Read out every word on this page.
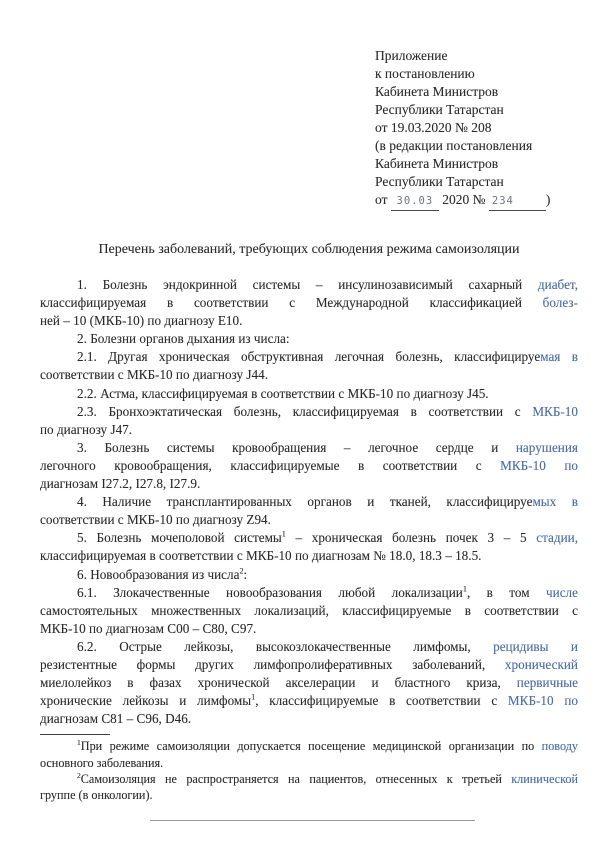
Приложение
к постановлению
Кабинета Министров
Республики Татарстан
от 19.03.2020 № 208
(в редакции постановления
Кабинета Министров
Республики Татарстан
от 30.03 2020 № 234 )
Перечень заболеваний, требующих соблюдения режима самоизоляции
1. Болезнь эндокринной системы – инсулинозависимый сахарный диабет,
классифицируемая в соответствии с Международной классификацией болез-
ней – 10 (МКБ-10) по диагнозу Е10.
2. Болезни органов дыхания из числа:
2.1. Другая хроническая обструктивная легочная болезнь, классифицируемая в
соответствии с МКБ-10 по диагнозу J44.
2.2. Астма, классифицируемая в соответствии с МКБ-10 по диагнозу J45.
2.3. Бронхоэктатическая болезнь, классифицируемая в соответствии с МКБ-10
по диагнозу J47.
3. Болезнь системы кровообращения – легочное сердце и нарушения
легочного кровообращения, классифицируемые в соответствии с МКБ-10 по
диагнозам I27.2, I27.8, I27.9.
4. Наличие трансплантированных органов и тканей, классифицируемых в
соответствии с МКБ-10 по диагнозу Z94.
5. Болезнь мочеполовой системы$^1$ – хроническая болезнь почек 3 – 5 стадии,
классифицируемая в соответствии с МКБ-10 по диагнозам № 18.0, 18.3 – 18.5.
6. Новообразования из числа$^2$:
6.1. Злокачественные новообразования любой локализации$^1$, в том числе
самостоятельных множественных локализаций, классифицируемые в соответствии с
МКБ-10 по диагнозам С00 – С80, С97.
6.2. Острые лейкозы, высокозлокачественные лимфомы, рецидивы и
резистентные формы других лимфопролиферативных заболеваний, хронический
миелолейкоз в фазах хронической акселерации и бластного криза, первичные
хронические лейкозы и лимфомы$^1$, классифицируемые в соответствии с МКБ-10 по
диагнозам С81 – С96, D46.
$^1$При режиме самоизоляции допускается посещение медицинской организации по поводу
основного заболевания.
$^2$Самоизоляция не распространяется на пациентов, отнесенных к третьей клинической
группе (в онкологии).
